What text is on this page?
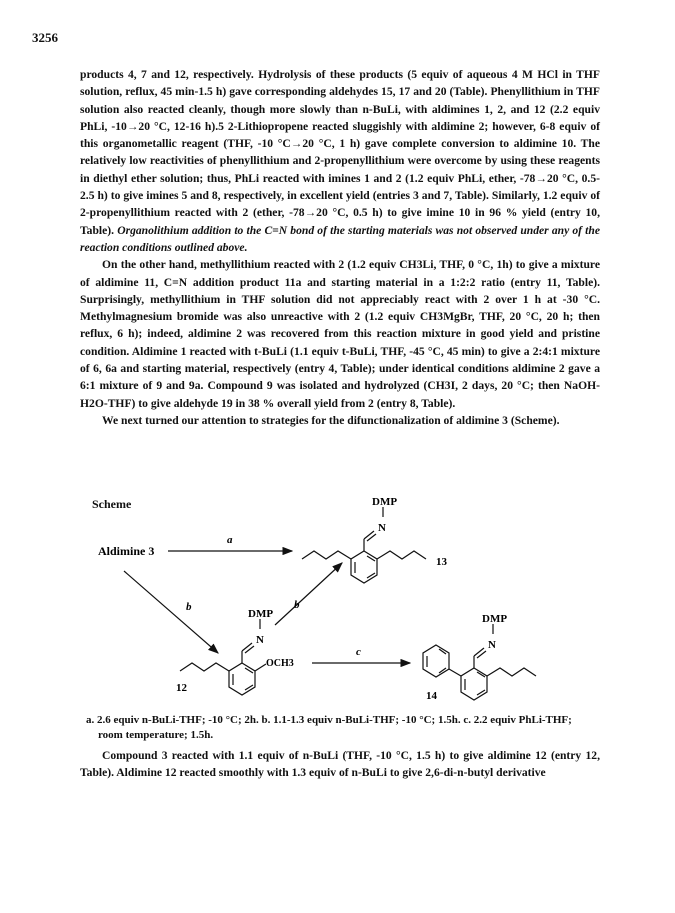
3256

products 4, 7 and 12, respectively. Hydrolysis of these products (5 equiv of aqueous 4 M HCl in THF solution, reflux, 45 min-1.5 h) gave corresponding aldehydes 15, 17 and 20 (Table). Phenyllithium in THF solution also reacted cleanly, though more slowly than n-BuLi, with aldimines 1, 2, and 12 (2.2 equiv PhLi, -10→20 °C, 12-16 h).5 2-Lithiopropene reacted sluggishly with aldimine 2; however, 6-8 equiv of this organometallic reagent (THF, -10 °C→20 °C, 1 h) gave complete conversion to aldimine 10. The relatively low reactivities of phenyllithium and 2-propenyllithium were overcome by using these reagents in diethyl ether solution; thus, PhLi reacted with imines 1 and 2 (1.2 equiv PhLi, ether, -78→20 °C, 0.5-2.5 h) to give imines 5 and 8, respectively, in excellent yield (entries 3 and 7, Table). Similarly, 1.2 equiv of 2-propenyllithium reacted with 2 (ether, -78→20 °C, 0.5 h) to give imine 10 in 96 % yield (entry 10, Table). Organolithium addition to the C=N bond of the starting materials was not observed under any of the reaction conditions outlined above.

On the other hand, methyllithium reacted with 2 (1.2 equiv CH3Li, THF, 0 °C, 1h) to give a mixture of aldimine 11, C=N addition product 11a and starting material in a 1:2:2 ratio (entry 11, Table). Surprisingly, methyllithium in THF solution did not appreciably react with 2 over 1 h at -30 °C. Methylmagnesium bromide was also unreactive with 2 (1.2 equiv CH3MgBr, THF, 20 °C, 20 h; then reflux, 6 h); indeed, aldimine 2 was recovered from this reaction mixture in good yield and pristine condition. Aldimine 1 reacted with t-BuLi (1.1 equiv t-BuLi, THF, -45 °C, 45 min) to give a 2:4:1 mixture of 6, 6a and starting material, respectively (entry 4, Table); under identical conditions aldimine 2 gave a 6:1 mixture of 9 and 9a. Compound 9 was isolated and hydrolyzed (CH3I, 2 days, 20 °C; then NaOH-H2O-THF) to give aldehyde 19 in 38 % overall yield from 2 (entry 8, Table).

We next turned our attention to strategies for the difunctionalization of aldimine 3 (Scheme).

Scheme
Aldimine 3
a
DMP
N
13
b	b
DMP
N
OCH3
12
c
DMP
N
14
a. 2.6 equiv n-BuLi-THF; -10 °C; 2h. b. 1.1-1.3 equiv n-BuLi-THF; -10 °C; 1.5h. c. 2.2 equiv PhLi-THF; room temperature; 1.5h.

Compound 3 reacted with 1.1 equiv of n-BuLi (THF, -10 °C, 1.5 h) to give aldimine 12 (entry 12, Table). Aldimine 12 reacted smoothly with 1.3 equiv of n-BuLi to give 2,6-di-n-butyl derivative
